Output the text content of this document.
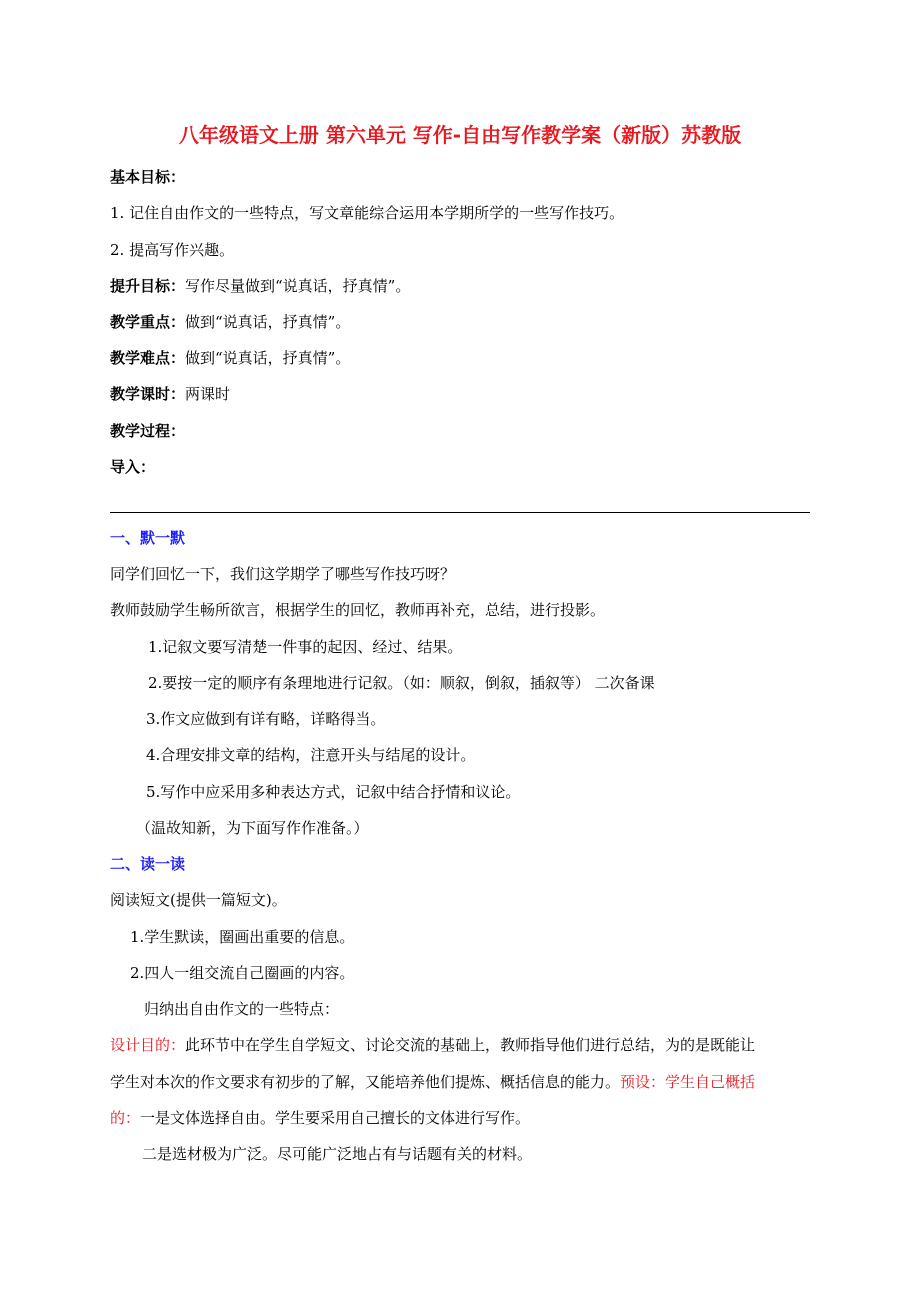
八年级语文上册 第六单元 写作-自由写作教学案（新版）苏教版
基本目标：
1. 记住自由作文的一些特点，写文章能综合运用本学期所学的一些写作技巧。
2. 提高写作兴趣。
提升目标：写作尽量做到“说真话，抒真情”。
教学重点：做到“说真话，抒真情”。
教学难点：做到“说真话，抒真情”。
教学课时：两课时
教学过程：
导入：
一、默一默
同学们回忆一下，我们这学期学了哪些写作技巧呀？
教师鼓励学生畅所欲言，根据学生的回忆，教师再补充，总结，进行投影。
1.记叙文要写清楚一件事的起因、经过、结果。
2.要按一定的顺序有条理地进行记叙。（如：顺叙，倒叙，插叙等） 二次备课
3.作文应做到有详有略，详略得当。
4.合理安排文章的结构，注意开头与结尾的设计。
5.写作中应采用多种表达方式，记叙中结合抒情和议论。
（温故知新，为下面写作作准备。）
二、读一读
阅读短文(提供一篇短文)。
1.学生默读，圈画出重要的信息。
2.四人一组交流自己圈画的内容。
归纳出自由作文的一些特点：
设计目的：此环节中在学生自学短文、讨论交流的基础上，教师指导他们进行总结，为的是既能让
学生对本次的作文要求有初步的了解，又能培养他们提炼、概括信息的能力。预设：学生自己概括
的：一是文体选择自由。学生要采用自己擅长的文体进行写作。
二是选材极为广泛。尽可能广泛地占有与话题有关的材料。
